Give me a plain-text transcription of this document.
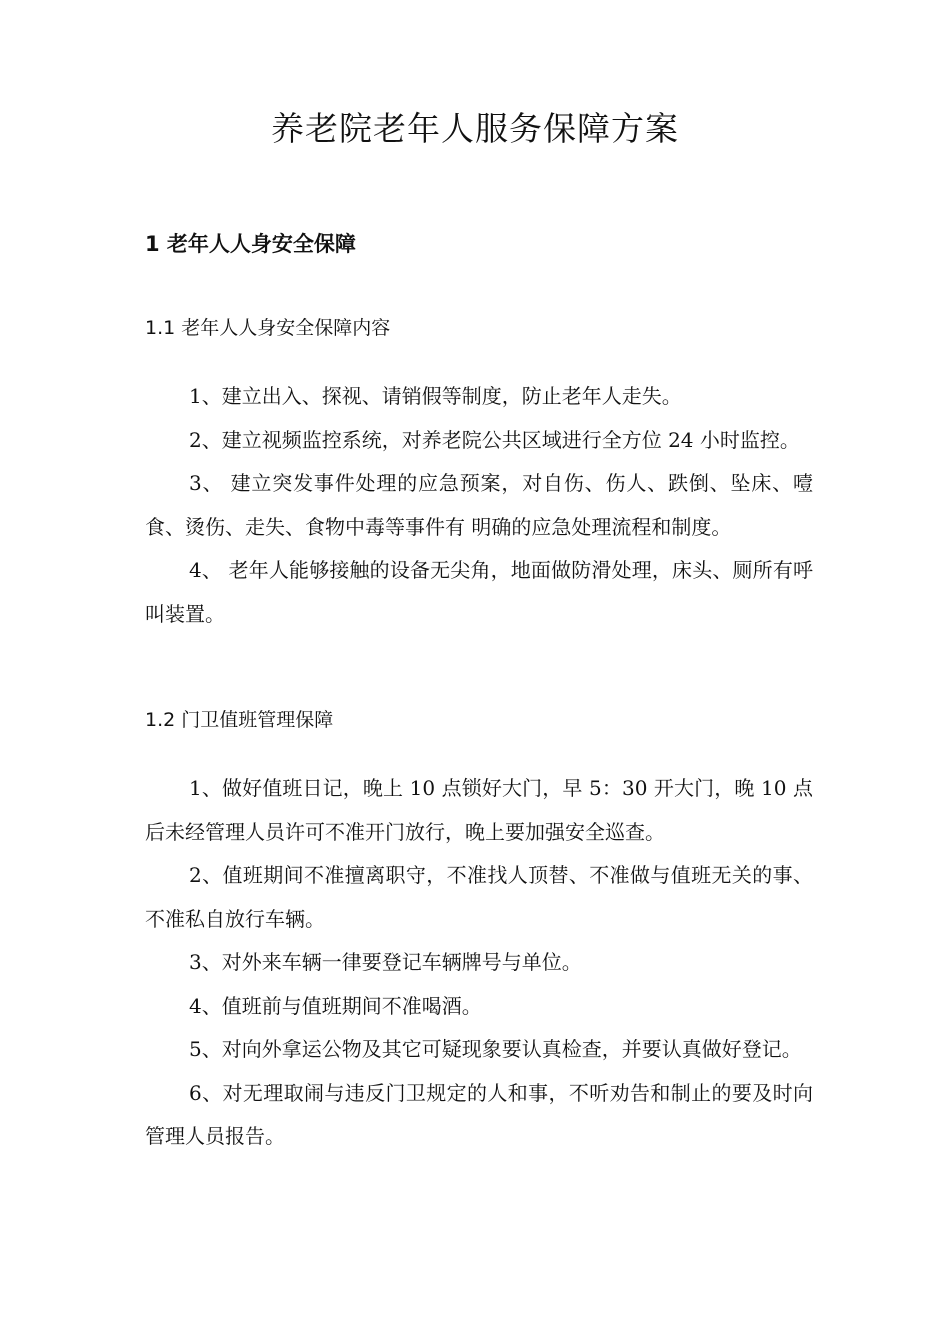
养老院老年人服务保障方案
1 老年人人身安全保障
1.1 老年人人身安全保障内容

1、建立出入、探视、请销假等制度，防止老年人走失。

2、建立视频监控系统，对养老院公共区域进行全方位 24 小时监控。

3、 建立突发事件处理的应急预案，对自伤、伤人、跌倒、坠床、噎食、烫伤、走失、食物中毒等事件有 明确的应急处理流程和制度。

4、 老年人能够接触的设备无尖角，地面做防滑处理，床头、厕所有呼叫装置。

1.2 门卫值班管理保障

1、做好值班日记，晚上 10 点锁好大门，早 5：30 开大门，晚 10 点后未经管理人员许可不准开门放行，晚上要加强安全巡查。

2、值班期间不准擅离职守，不准找人顶替、不准做与值班无关的事、不准私自放行车辆。

3、对外来车辆一律要登记车辆牌号与单位。

4、值班前与值班期间不准喝酒。

5、对向外拿运公物及其它可疑现象要认真检查，并要认真做好登记。

6、对无理取闹与违反门卫规定的人和事，不听劝告和制止的要及时向管理人员报告。
